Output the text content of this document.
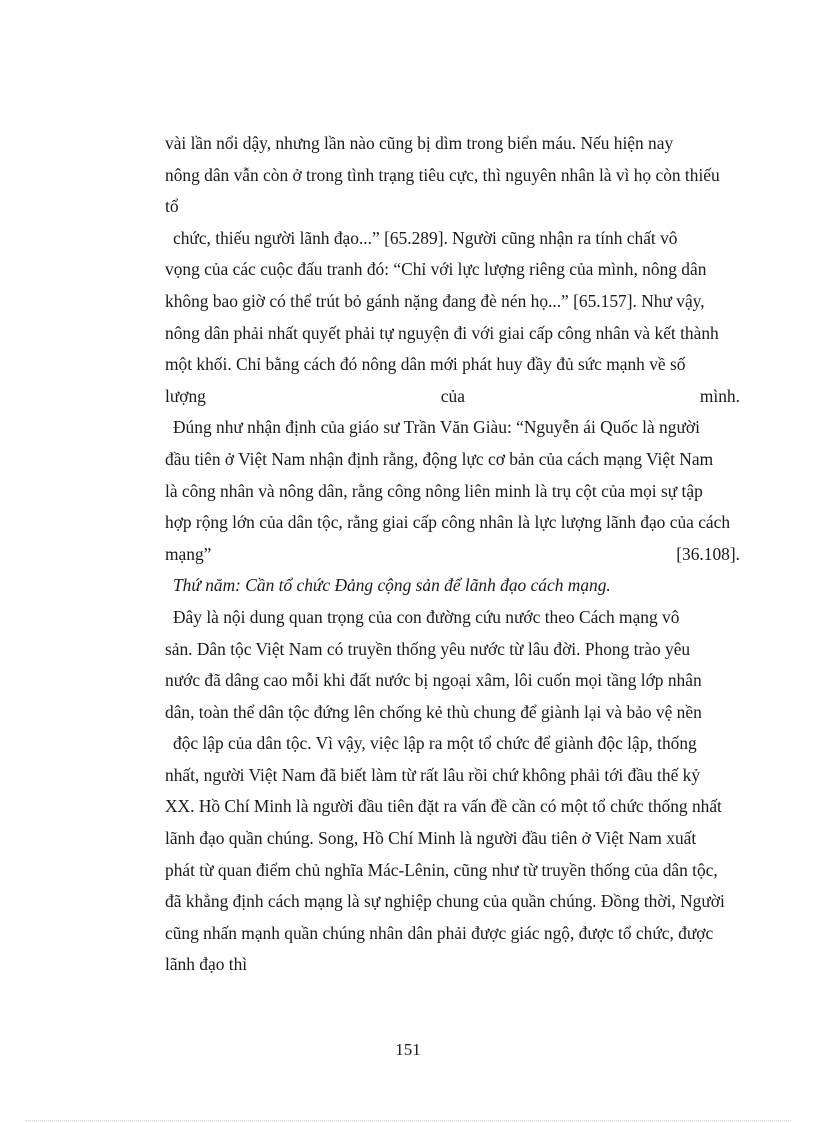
vài lần nổi dậy, nhưng lần nào cũng bị dìm trong biển máu. Nếu hiện nay
nông dân vẫn còn ở trong tình trạng tiêu cực, thì nguyên nhân là vì họ còn thiếu
tổ
chức, thiếu người lãnh đạo...” [65.289]. Người cũng nhận ra tính chất vô
vọng của các cuộc đấu tranh đó: “Chỉ với lực lượng riêng của mình, nông dân
không bao giờ có thể trút bỏ gánh nặng đang đè nén họ...” [65.157]. Như vậy,
nông dân phải nhất quyết phải tự nguyện đi với giai cấp công nhân và kết thành
một khối. Chỉ bằng cách đó nông dân mới phát huy đầy đủ sức mạnh về số
lượng	của	mình.
Đúng như nhận định của giáo sư Trần Văn Giàu: “Nguyễn ái Quốc là người
đầu tiên ở Việt Nam nhận định rằng, động lực cơ bản của cách mạng Việt Nam
là công nhân và nông dân, rằng công nông liên minh là trụ cột của mọi sự tập
hợp rộng lớn của dân tộc, rằng giai cấp công nhân là lực lượng lãnh đạo của cách
mạng”	[36.108].
Thứ năm: Cần tổ chức Đảng cộng sản để lãnh đạo cách mạng.
Đây là nội dung quan trọng của con đường cứu nước theo Cách mạng vô
sản. Dân tộc Việt Nam có truyền thống yêu nước từ lâu đời. Phong trào yêu
nước đã dâng cao mỗi khi đất nước bị ngoại xâm, lôi cuốn mọi tầng lớp nhân
dân, toàn thể dân tộc đứng lên chống kẻ thù chung để giành lại và bảo vệ nền
độc lập của dân tộc. Vì vậy, việc lập ra một tổ chức để giành độc lập, thống
nhất, người Việt Nam đã biết làm từ rất lâu rồi chứ không phải tới đầu thế kỷ
XX. Hồ Chí Minh là người đầu tiên đặt ra vấn đề cần có một tổ chức thống nhất
lãnh đạo quần chúng. Song, Hồ Chí Minh là người đầu tiên ở Việt Nam xuất
phát từ quan điểm chủ nghĩa Mác-Lênin, cũng như từ truyền thống của dân tộc,
đã khẳng định cách mạng là sự nghiệp chung của quần chúng. Đồng thời, Người
cũng nhấn mạnh quần chúng nhân dân phải được giác ngộ, được tổ chức, được
lãnh đạo thì
151
